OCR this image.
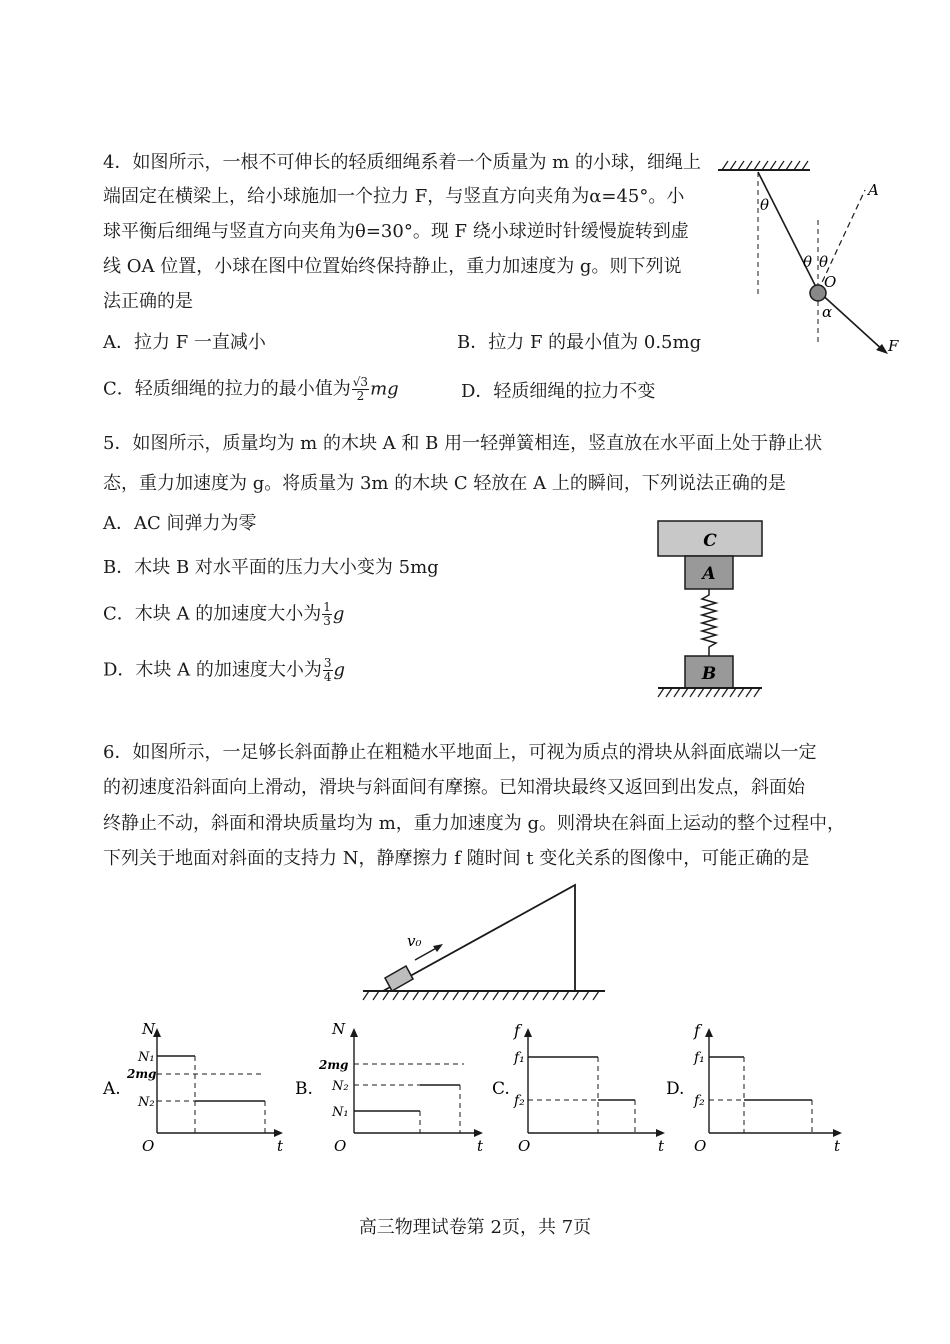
4．如图所示，一根不可伸长的轻质细绳系着一个质量为 m 的小球，细绳上
端固定在横梁上，给小球施加一个拉力 F，与竖直方向夹角为α=45°。小
球平衡后细绳与竖直方向夹角为θ=30°。现 F 绕小球逆时针缓慢旋转到虚
线 OA 位置，小球在图中位置始终保持静止，重力加速度为 g。则下列说
法正确的是
A．拉力 F 一直减小	B．拉力 F 的最小值为 0.5mg
C．轻质细绳的拉力的最小值为 $\frac{√3}{2}$ mg	D．轻质细绳的拉力不变
θ
θ θ
O
α
A
F
5．如图所示，质量均为 m 的木块 A 和 B 用一轻弹簧相连，竖直放在水平面上处于静止状
态，重力加速度为 g。将质量为 3m 的木块 C 轻放在 A 上的瞬间，下列说法正确的是
A．AC 间弹力为零
B．木块 B 对水平面的压力大小变为 5mg
C．木块 A 的加速度大小为 $\frac{1}{3}$ g
D．木块 A 的加速度大小为 $\frac{3}{4}$ g
C
A
B
6．如图所示，一足够长斜面静止在粗糙水平地面上，可视为质点的滑块从斜面底端以一定
的初速度沿斜面向上滑动，滑块与斜面间有摩擦。已知滑块最终又返回到出发点，斜面始
终静止不动，斜面和滑块质量均为 m，重力加速度为 g。则滑块在斜面上运动的整个过程中，
下列关于地面对斜面的支持力 N，静摩擦力 f 随时间 t 变化关系的图像中，可能正确的是
v₀
A.
N
t
O
N₁
2mg
N₂
B.
N
t
O
2mg
N₂
N₁
C.
f
t
O
f₁
f₂
D.
f
t
O
f₁
f₂
高三物理试卷第 2页，共 7页
